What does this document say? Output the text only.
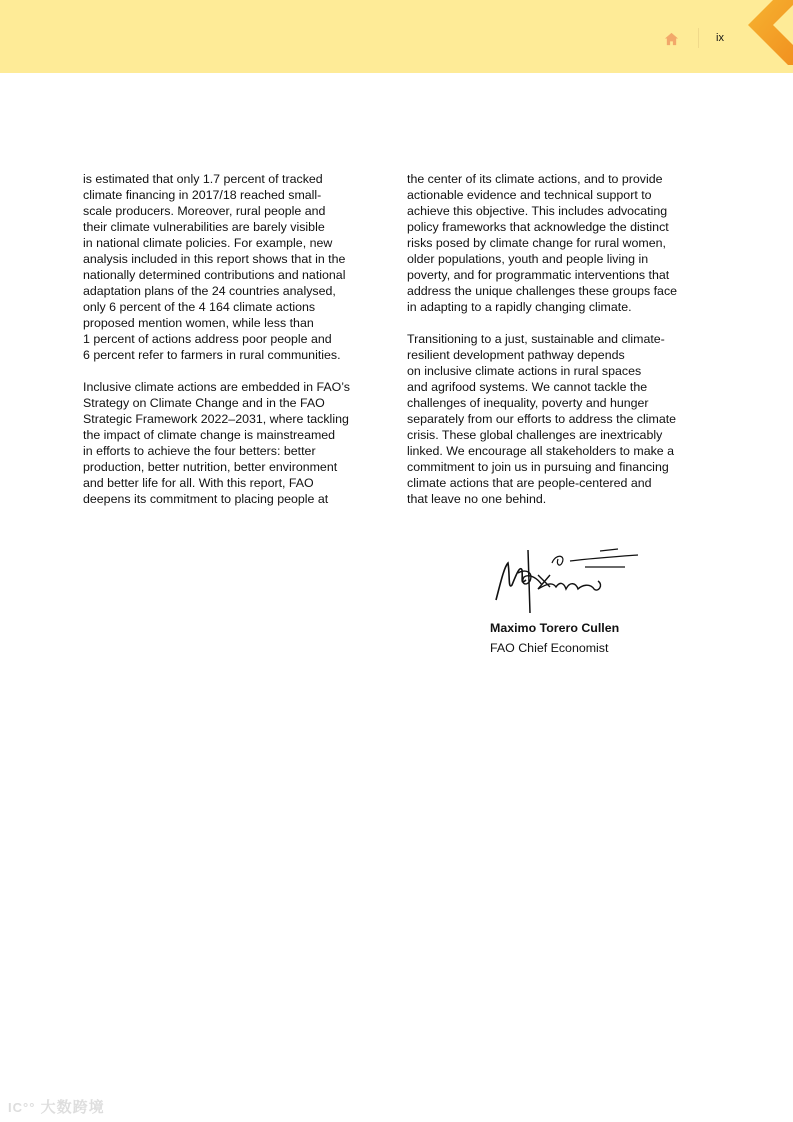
ix

is estimated that only 1.7 percent of tracked
climate financing in 2017/18 reached small-
scale producers. Moreover, rural people and
their climate vulnerabilities are barely visible
in national climate policies. For example, new
analysis included in this report shows that in the
nationally determined contributions and national
adaptation plans of the 24 countries analysed,
only 6 percent of the 4 164 climate actions
proposed mention women, while less than
1 percent of actions address poor people and
6 percent refer to farmers in rural communities.

Inclusive climate actions are embedded in FAO’s
Strategy on Climate Change and in the FAO
Strategic Framework 2022–2031, where tackling
the impact of climate change is mainstreamed
in efforts to achieve the four betters: better
production, better nutrition, better environment
and better life for all. With this report, FAO
deepens its commitment to placing people at

the center of its climate actions, and to provide
actionable evidence and technical support to
achieve this objective. This includes advocating
policy frameworks that acknowledge the distinct
risks posed by climate change for rural women,
older populations, youth and people living in
poverty, and for programmatic interventions that
address the unique challenges these groups face
in adapting to a rapidly changing climate.

Transitioning to a just, sustainable and climate-
resilient development pathway depends
on inclusive climate actions in rural spaces
and agrifood systems. We cannot tackle the
challenges of inequality, poverty and hunger
separately from our efforts to address the climate
crisis. These global challenges are inextricably
linked. We encourage all stakeholders to make a
commitment to join us in pursuing and financing
climate actions that are people-centered and
that leave no one behind.

Maximo Torero Cullen
FAO Chief Economist
IC°° 大数跨境
